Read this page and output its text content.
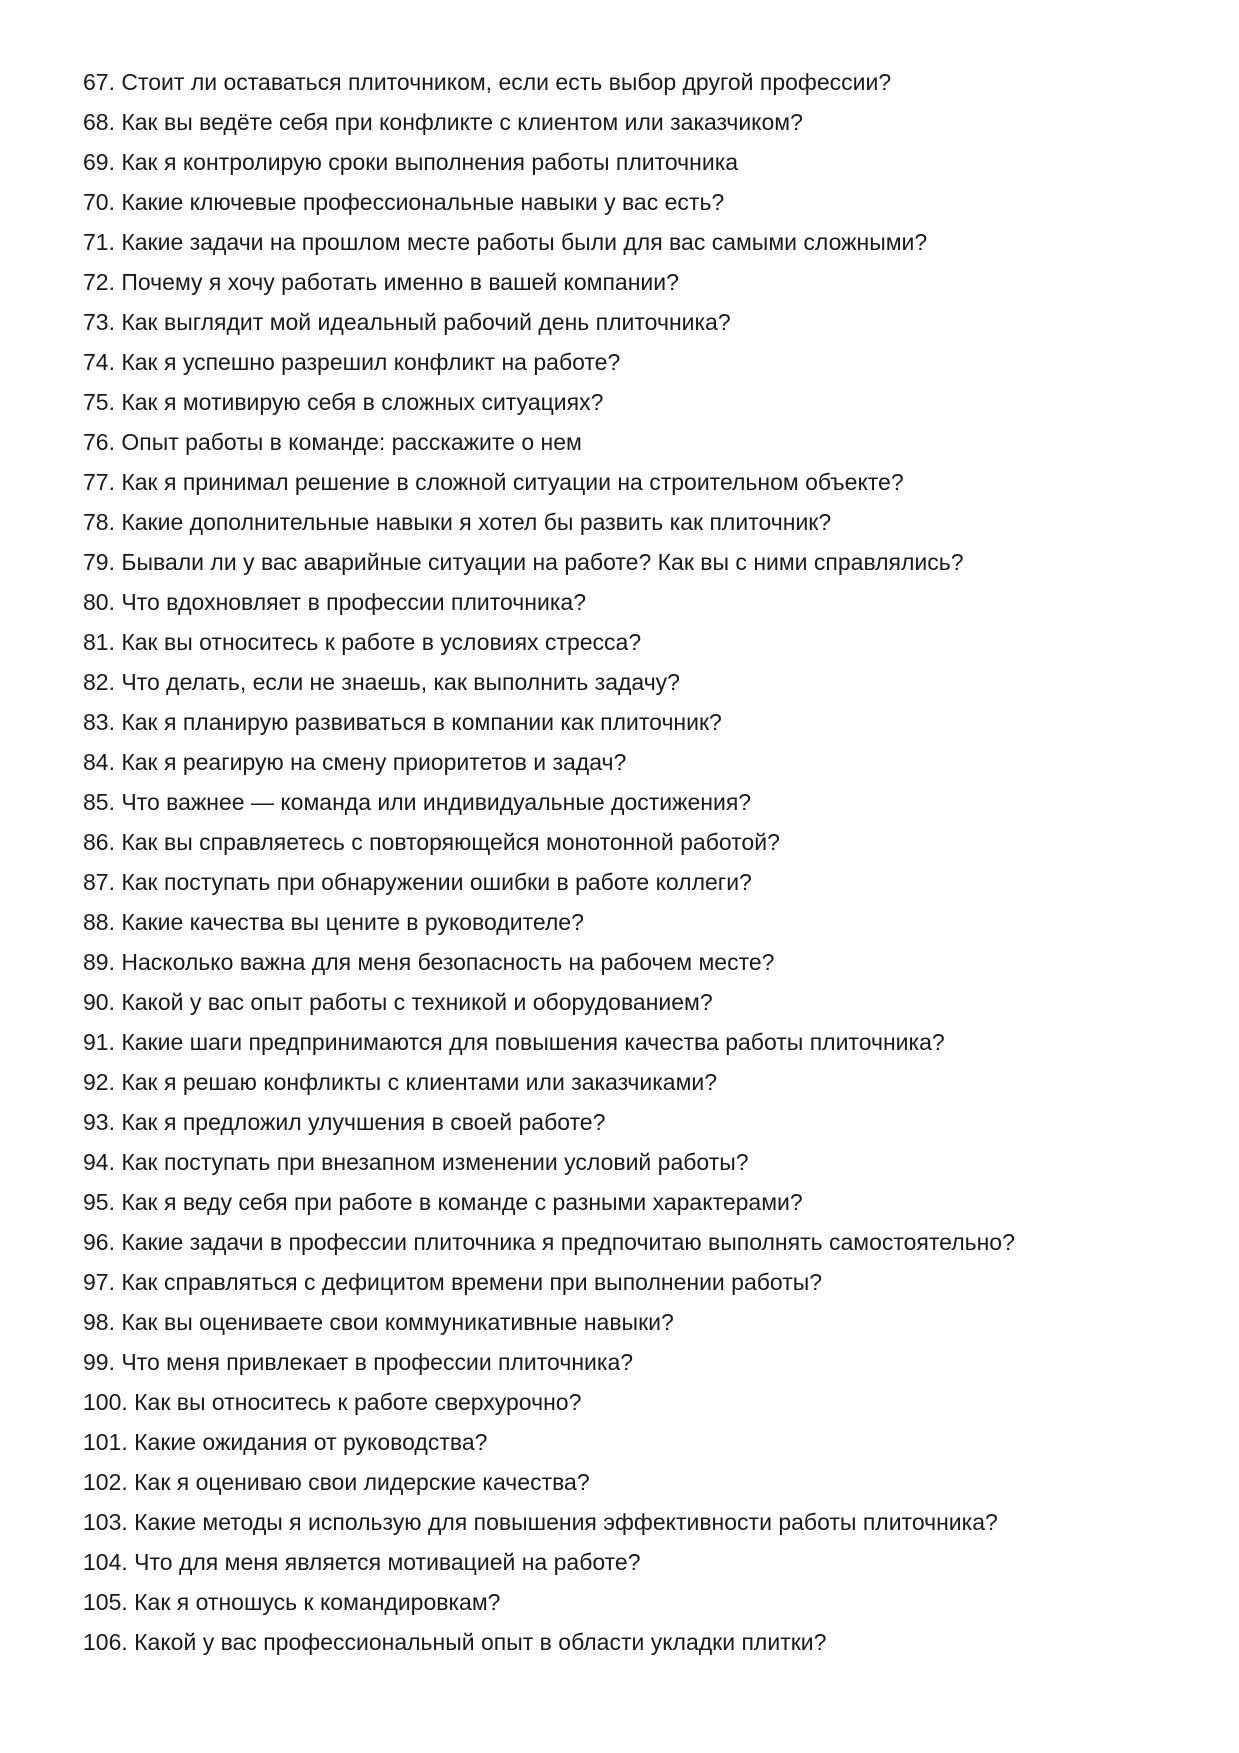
67. Стоит ли оставаться плиточником, если есть выбор другой профессии?
68. Как вы ведёте себя при конфликте с клиентом или заказчиком?
69. Как я контролирую сроки выполнения работы плиточника
70. Какие ключевые профессиональные навыки у вас есть?
71. Какие задачи на прошлом месте работы были для вас самыми сложными?
72. Почему я хочу работать именно в вашей компании?
73. Как выглядит мой идеальный рабочий день плиточника?
74. Как я успешно разрешил конфликт на работе?
75. Как я мотивирую себя в сложных ситуациях?
76. Опыт работы в команде: расскажите о нем
77. Как я принимал решение в сложной ситуации на строительном объекте?
78. Какие дополнительные навыки я хотел бы развить как плиточник?
79. Бывали ли у вас аварийные ситуации на работе? Как вы с ними справлялись?
80. Что вдохновляет в профессии плиточника?
81. Как вы относитесь к работе в условиях стресса?
82. Что делать, если не знаешь, как выполнить задачу?
83. Как я планирую развиваться в компании как плиточник?
84. Как я реагирую на смену приоритетов и задач?
85. Что важнее — команда или индивидуальные достижения?
86. Как вы справляетесь с повторяющейся монотонной работой?
87. Как поступать при обнаружении ошибки в работе коллеги?
88. Какие качества вы цените в руководителе?
89. Насколько важна для меня безопасность на рабочем месте?
90. Какой у вас опыт работы с техникой и оборудованием?
91. Какие шаги предпринимаются для повышения качества работы плиточника?
92. Как я решаю конфликты с клиентами или заказчиками?
93. Как я предложил улучшения в своей работе?
94. Как поступать при внезапном изменении условий работы?
95. Как я веду себя при работе в команде с разными характерами?
96. Какие задачи в профессии плиточника я предпочитаю выполнять самостоятельно?
97. Как справляться с дефицитом времени при выполнении работы?
98. Как вы оцениваете свои коммуникативные навыки?
99. Что меня привлекает в профессии плиточника?
100. Как вы относитесь к работе сверхурочно?
101. Какие ожидания от руководства?
102. Как я оцениваю свои лидерские качества?
103. Какие методы я использую для повышения эффективности работы плиточника?
104. Что для меня является мотивацией на работе?
105. Как я отношусь к командировкам?
106. Какой у вас профессиональный опыт в области укладки плитки?
